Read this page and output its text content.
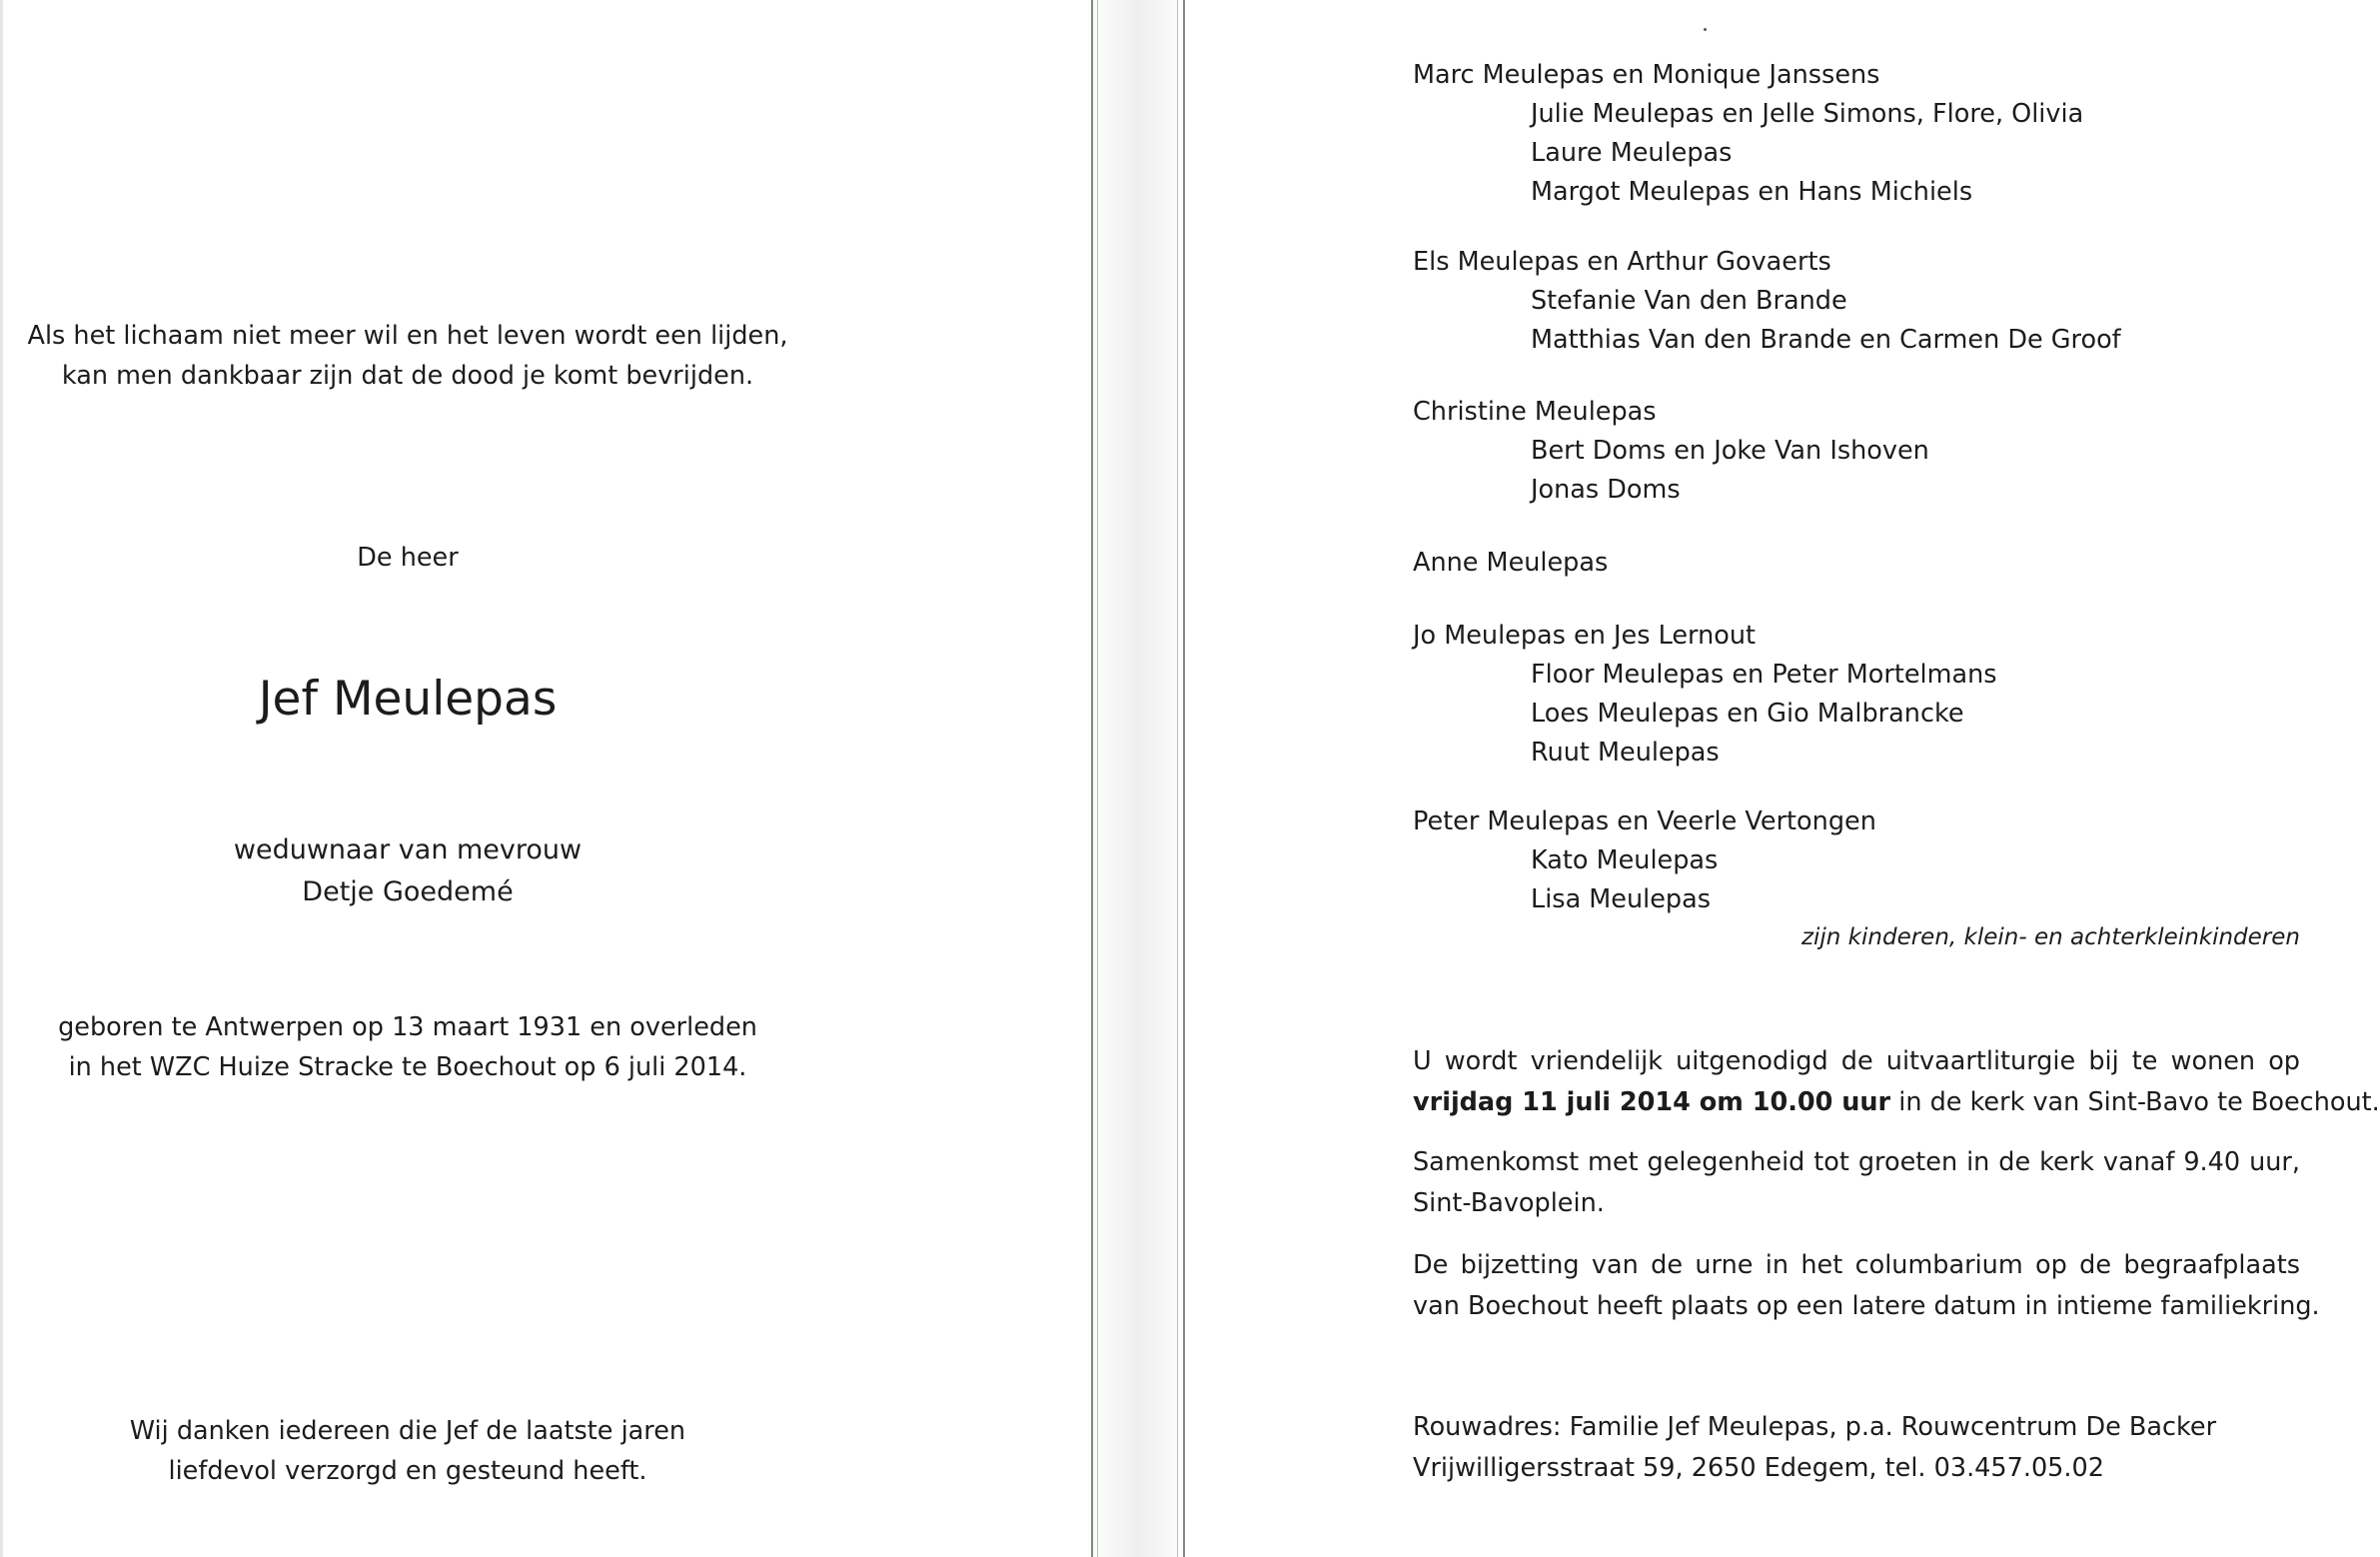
Als het lichaam niet meer wil en het leven wordt een lijden,
kan men dankbaar zijn dat de dood je komt bevrijden.
De heer
Jef Meulepas
weduwnaar van mevrouw
Detje Goedemé
geboren te Antwerpen op 13 maart 1931 en overleden
in het WZC Huize Stracke te Boechout op 6 juli 2014.
Wij danken iedereen die Jef de laatste jaren
liefdevol verzorgd en gesteund heeft.
Marc Meulepas en Monique Janssens
Julie Meulepas en Jelle Simons, Flore, Olivia
Laure Meulepas
Margot Meulepas en Hans Michiels
Els Meulepas en Arthur Govaerts
Stefanie Van den Brande
Matthias Van den Brande en Carmen De Groof
Christine Meulepas
Bert Doms en Joke Van Ishoven
Jonas Doms
Anne Meulepas
Jo Meulepas en Jes Lernout
Floor Meulepas en Peter Mortelmans
Loes Meulepas en Gio Malbrancke
Ruut Meulepas
Peter Meulepas en Veerle Vertongen
Kato Meulepas
Lisa Meulepas
zijn kinderen, klein- en achterkleinkinderen
U wordt vriendelijk uitgenodigd de uitvaartliturgie bij te wonen op
vrijdag 11 juli 2014 om 10.00 uur in de kerk van Sint-Bavo te Boechout.
Samenkomst met gelegenheid tot groeten in de kerk vanaf 9.40 uur,
Sint-Bavoplein.
De bijzetting van de urne in het columbarium op de begraafplaats
van Boechout heeft plaats op een latere datum in intieme familiekring.
Rouwadres: Familie Jef Meulepas, p.a. Rouwcentrum De Backer
Vrijwilligersstraat 59, 2650 Edegem, tel. 03.457.05.02
